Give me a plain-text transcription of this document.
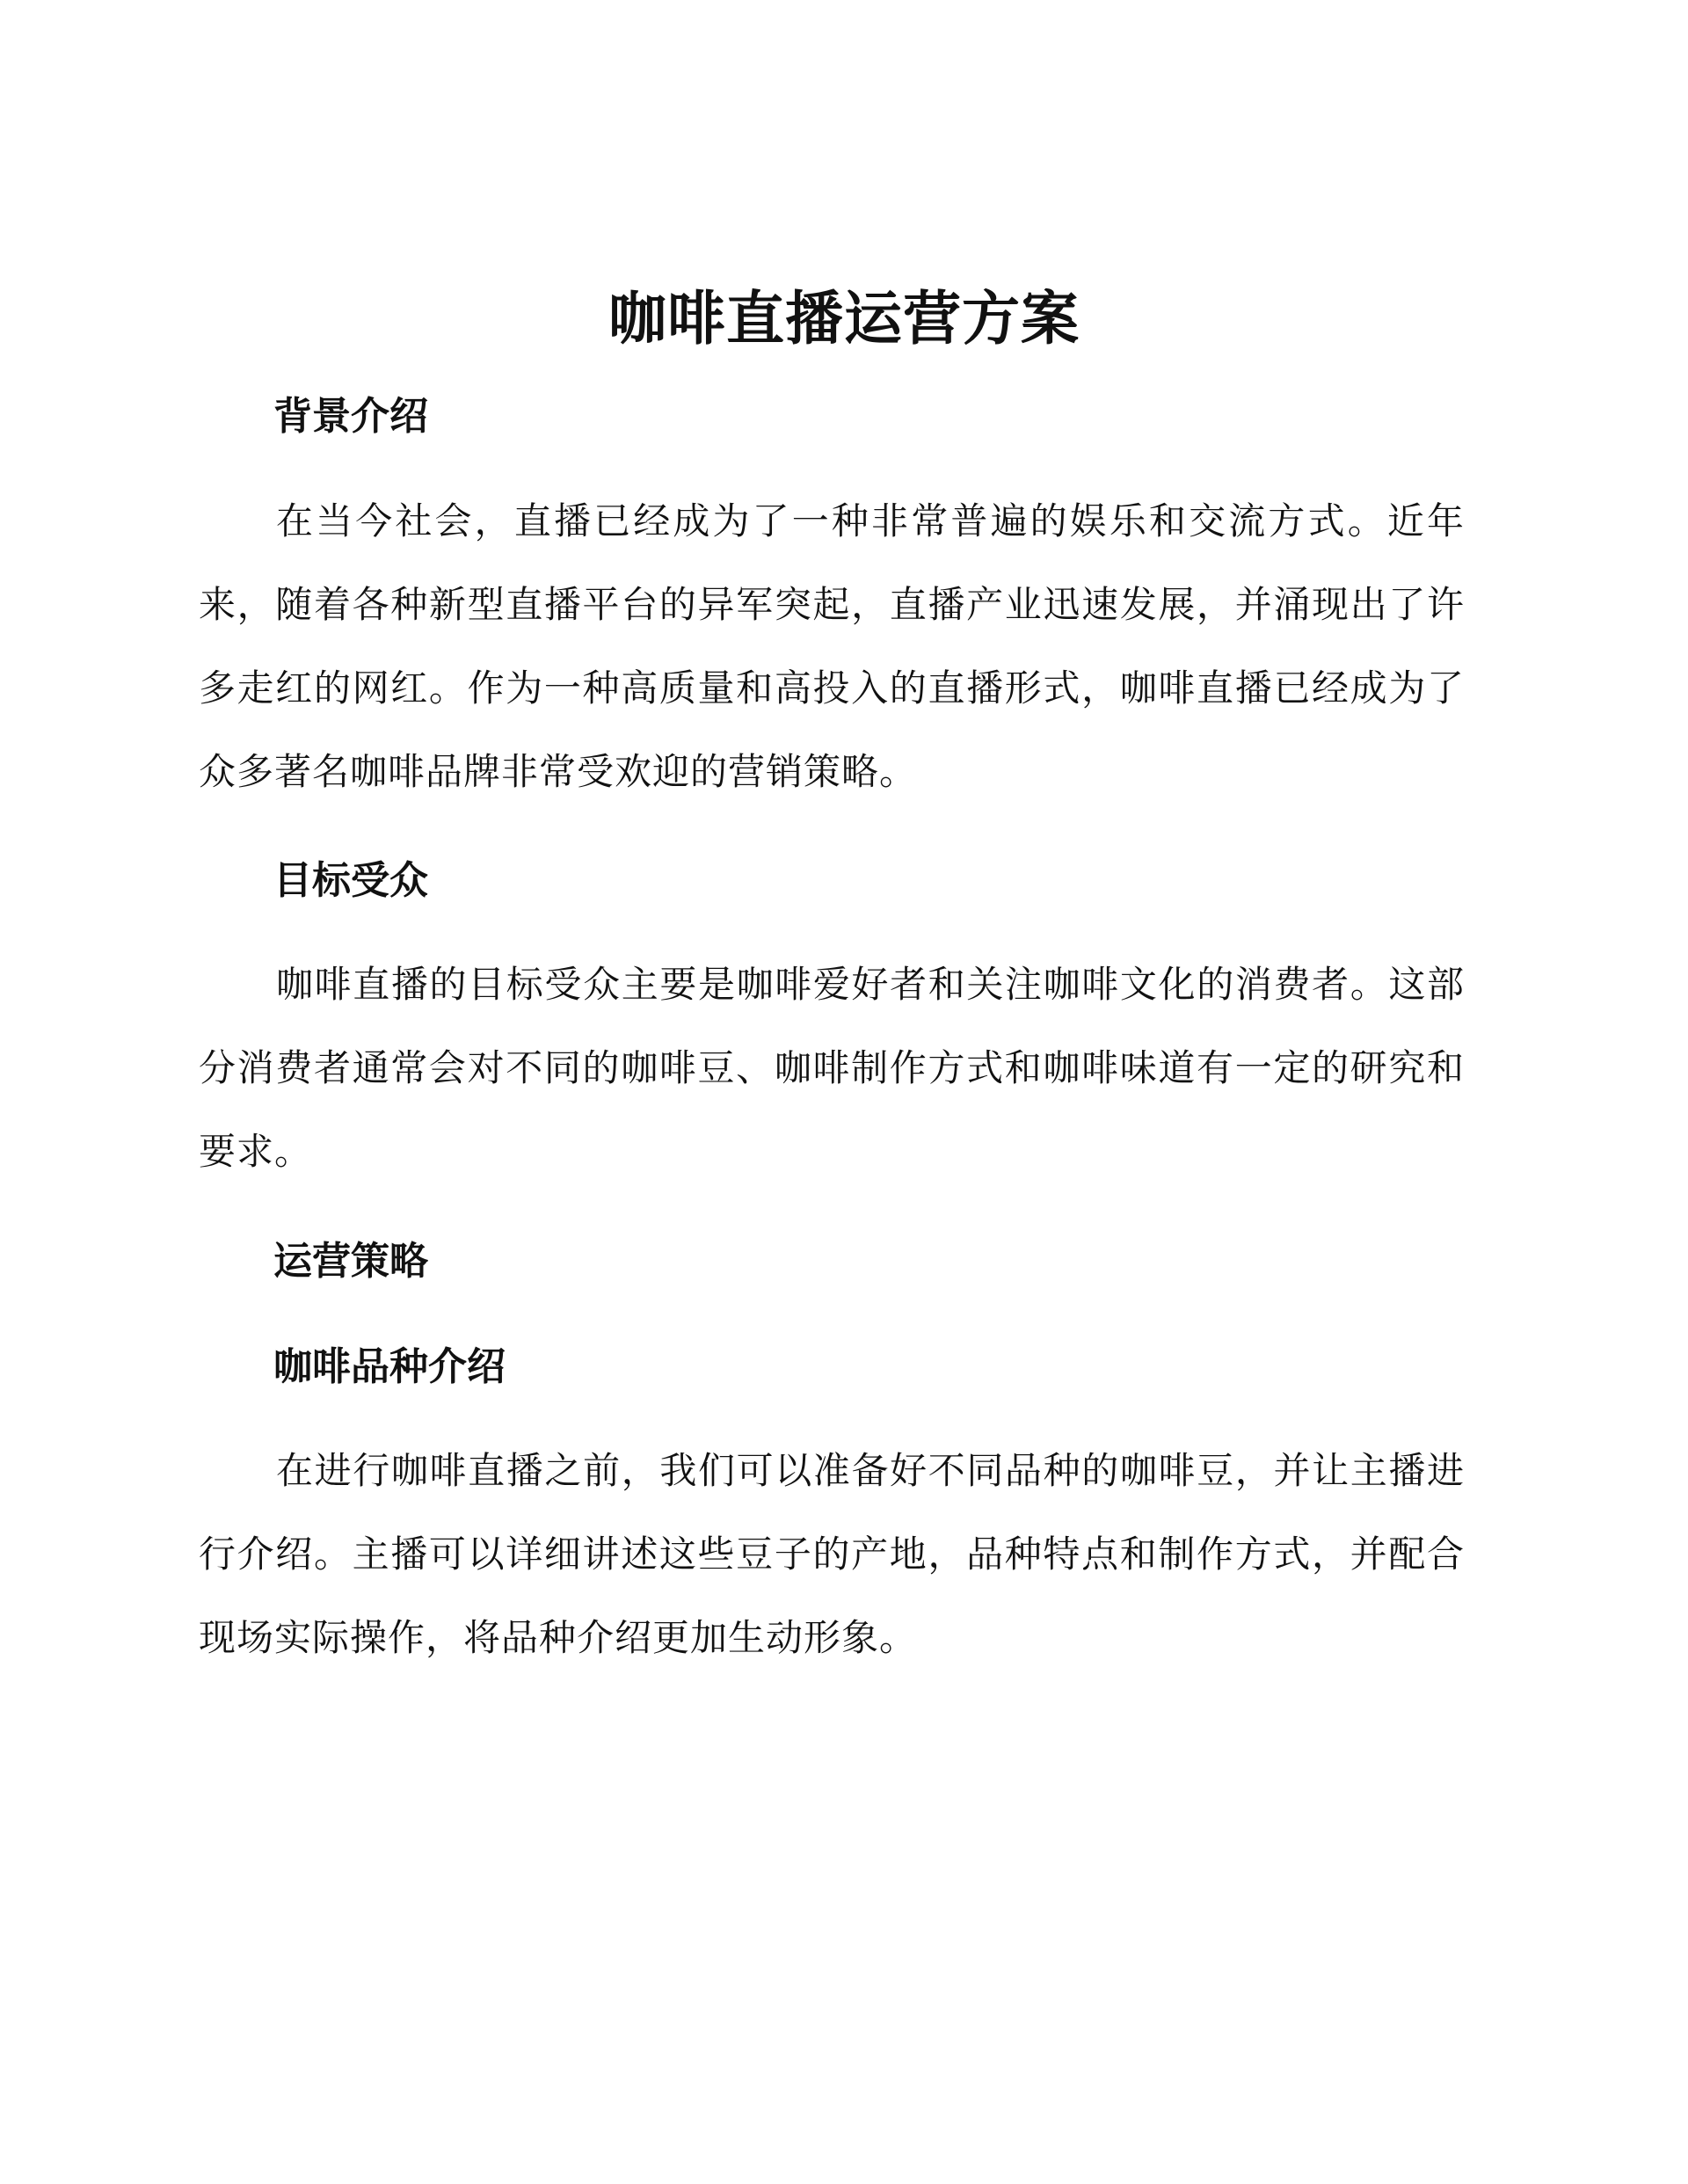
咖啡直播运营方案
背景介绍

在当今社会，直播已经成为了一种非常普遍的娱乐和交流方式。近年来，随着各种新型直播平台的异军突起，直播产业迅速发展，并涌现出了许多走红的网红。作为一种高质量和高投入的直播形式，咖啡直播已经成为了众多著名咖啡品牌非常受欢迎的营销策略。

目标受众

咖啡直播的目标受众主要是咖啡爱好者和关注咖啡文化的消费者。这部分消费者通常会对不同的咖啡豆、咖啡制作方式和咖啡味道有一定的研究和要求。

运营策略
咖啡品种介绍

在进行咖啡直播之前，我们可以准备好不同品种的咖啡豆，并让主播进行介绍。主播可以详细讲述这些豆子的产地，品种特点和制作方式，并配合现场实际操作，将品种介绍更加生动形象。
